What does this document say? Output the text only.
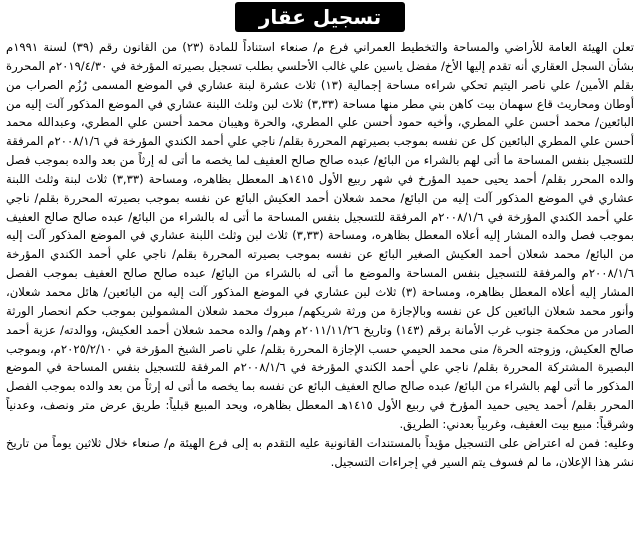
تسجيل عقار

تعلن الهيئة العامة للأراضي والمساحة والتخطيط العمراني فرع م/ صنعاء استناداً للمادة (٢٣) من القانون رقم (٣٩) لسنة ١٩٩١م بشأن السجل العقاري أنه تقدم إليها الأخ/ مفضل ياسين علي غالب الأحلسي بطلب تسجيل بصيرته المؤرخة في ٢٠١٩/٤/٣٠م المحررة بقلم الأمين/ علي ناصر اليتيم تحكي شراءه مساحة إجمالية (١٣) ثلاث عشرة لبنة عشاري في الموضع المسمى رُزُم الصراب من أوطان ومحاريث قاع سهمان بيت كاهن بني مطر منها مساحة (٣,٣٣) ثلاث لبن وثلث اللبنة عشاري في الموضع المذكور آلت إليه من البائعين/ محمد أحسن علي المطري، وأخيه حمود أحسن علي المطري، والحرة وهيبان محمد أحسن علي المطري، وعبدالله محمد أحسن علي المطري البائعين كل عن نفسه بموجب بصيرتهم المحررة بقلم/ ناجي علي أحمد الكندي المؤرخة في ٢٠٠٨/١/٦م المرفقة للتسجيل بنفس المساحة ما أتى لهم بالشراء من البائع/ عبده صالح صالح العفيف لما يخصه ما أتى له إرثاً من بعد والده بموجب فصل والده المحرر بقلم/ أحمد يحيى حميد المؤرخ في شهر ربيع الأول ١٤١٥هـ المعطل بظاهره، ومساحة (٣,٣٣) ثلاث لبنة وثلث اللبنة عشاري في الموضع المذكور آلت إليه من البائع/ محمد شعلان أحمد العكيش البائع عن نفسه بموجب بصيرته المحررة بقلم/ ناجي علي أحمد الكندي المؤرخة في ٢٠٠٨/١/٦م المرفقة للتسجيل بنفس المساحة ما أتى له بالشراء من البائع/ عبده صالح صالح العفيف بموجب فصل والده المشار إليه أعلاه المعطل بظاهره، ومساحة (٣,٣٣) ثلاث لبن وثلث اللبنة عشاري في الموضع المذكور آلت إليه من البائع/ محمد شعلان أحمد العكيش الصغير البائع عن نفسه بموجب بصيرته المحررة بقلم/ ناجي علي أحمد الكندي المؤرخة ٢٠٠٨/١/٦م والمرفقة للتسجيل بنفس المساحة والموضع ما أتى له بالشراء من البائع/ عبده صالح صالح العفيف بموجب الفصل المشار إليه أعلاه المعطل بظاهره، ومساحة (٣) ثلاث لبن عشاري في الموضع المذكور آلت إليه من البائعين/ هائل محمد شعلان، وأنور محمد شعلان البائعين كل عن نفسه وبالإجازة من ورثة شريكهم/ مبروك محمد شعلان المشمولين بموجب حكم انحصار الورثة الصادر من محكمة جنوب غرب الأمانة برقم (١٤٣) وتاريخ ٢٠١١/١١/٢٦م وهم/ والده محمد شعلان أحمد العكيش، ووالدته/ عزية أحمد صالح العكيش، وزوجته الحرة/ منى محمد الحيمي حسب الإجازة المحررة بقلم/ علي ناصر الشيخ المؤرخة في ٢٠٢٥/٢/١٠م، وبموجب البصيرة المشتركة المحررة بقلم/ ناجي علي أحمد الكندي المؤرخة في ٢٠٠٨/١/٦م المرفقة للتسجيل بنفس المساحة في الموضع المذكور ما أتى لهم بالشراء من البائع/ عبده صالح صالح العفيف البائع عن نفسه بما يخصه ما أتى له إرثاً من بعد والده بموجب الفصل المحرر بقلم/ أحمد يحيى حميد المؤرخ في ربيع الأول ١٤١٥هـ المعطل بظاهره، ويحد المبيع قبلياً: طريق عرض متر ونصف، وعدنياً وشرقياً: مبيع بيت العفيف، وغربياً بعدني: الطريق.

وعليه: فمن له اعتراض على التسجيل مؤيداً بالمستندات القانونية عليه التقدم به إلى فرع الهيئة م/ صنعاء خلال ثلاثين يوماً من تاريخ نشر هذا الإعلان، ما لم فسوف يتم السير في إجراءات التسجيل.
